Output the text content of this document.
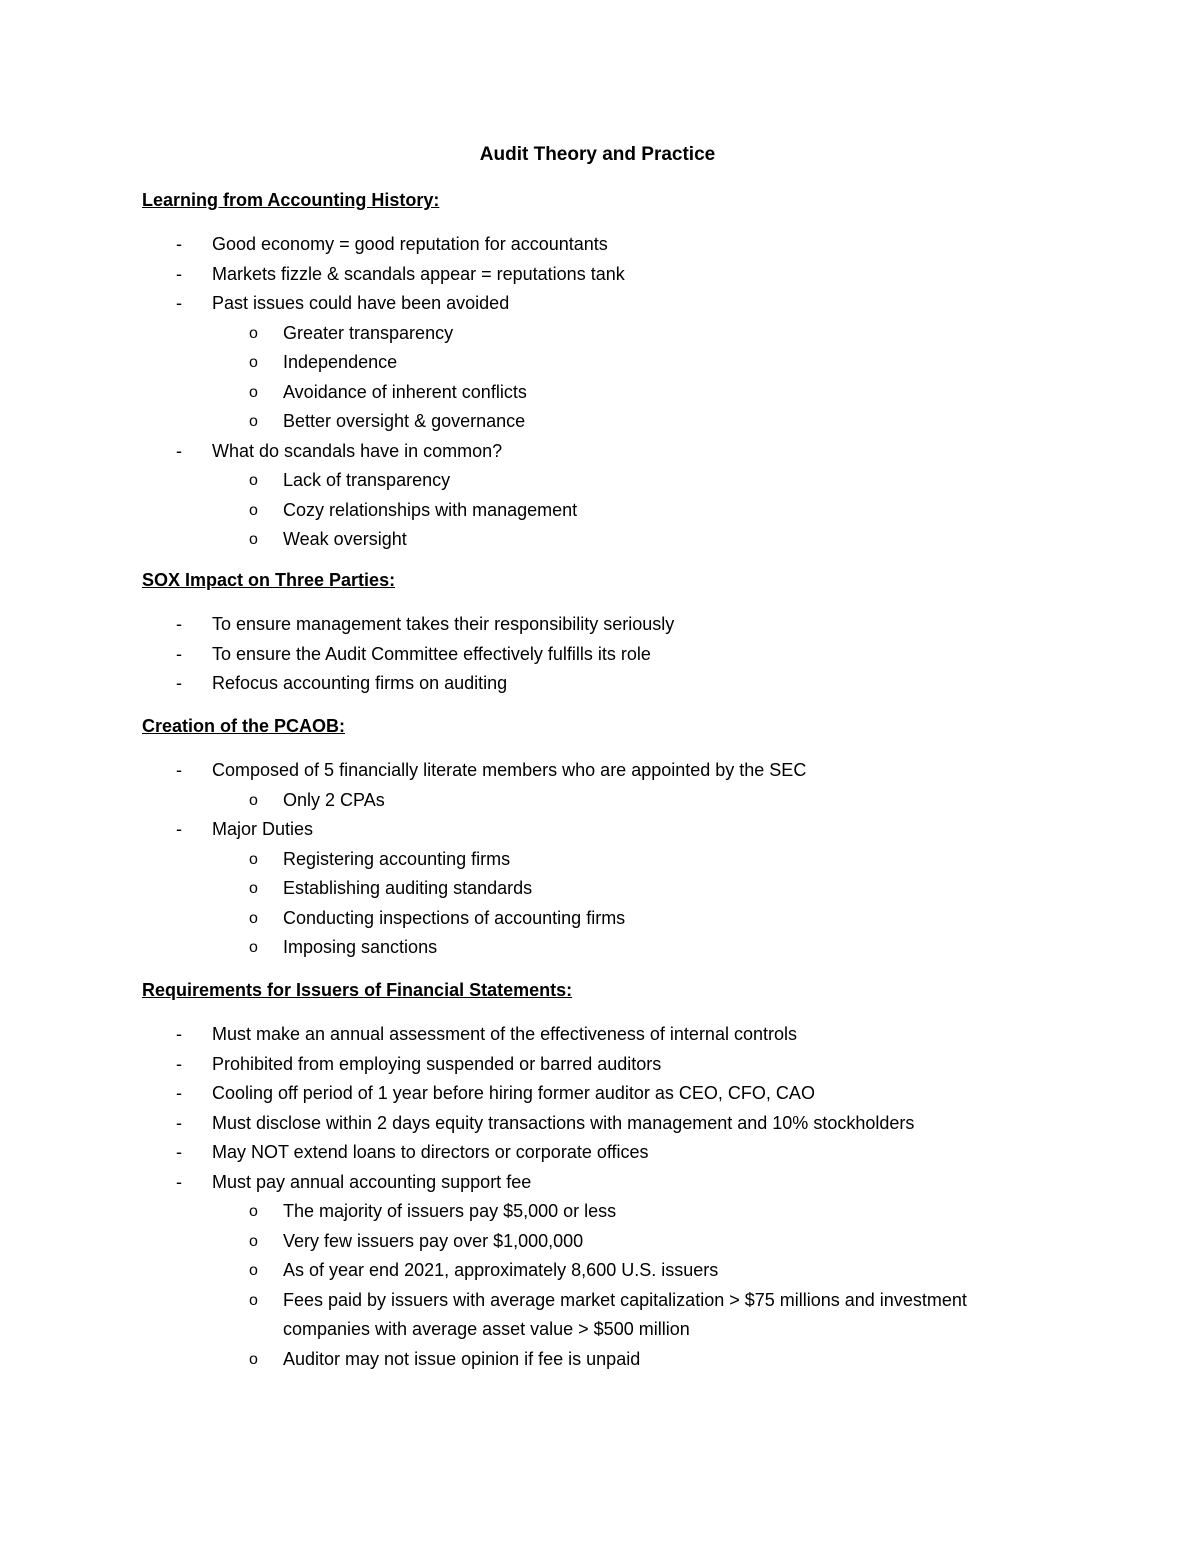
Audit Theory and Practice
Learning from Accounting History:
- Good economy = good reputation for accountants
- Markets fizzle & scandals appear = reputations tank
- Past issues could have been avoided
o Greater transparency
o Independence
o Avoidance of inherent conflicts
o Better oversight & governance
- What do scandals have in common?
o Lack of transparency
o Cozy relationships with management
o Weak oversight
SOX Impact on Three Parties:
- To ensure management takes their responsibility seriously
- To ensure the Audit Committee effectively fulfills its role
- Refocus accounting firms on auditing
Creation of the PCAOB:
- Composed of 5 financially literate members who are appointed by the SEC
o Only 2 CPAs
- Major Duties
o Registering accounting firms
o Establishing auditing standards
o Conducting inspections of accounting firms
o Imposing sanctions
Requirements for Issuers of Financial Statements:
- Must make an annual assessment of the effectiveness of internal controls
- Prohibited from employing suspended or barred auditors
- Cooling off period of 1 year before hiring former auditor as CEO, CFO, CAO
- Must disclose within 2 days equity transactions with management and 10% stockholders
- May NOT extend loans to directors or corporate offices
- Must pay annual accounting support fee
o The majority of issuers pay $5,000 or less
o Very few issuers pay over $1,000,000
o As of year end 2021, approximately 8,600 U.S. issuers
o Fees paid by issuers with average market capitalization > $75 millions and investment companies with average asset value > $500 million
o Auditor may not issue opinion if fee is unpaid
